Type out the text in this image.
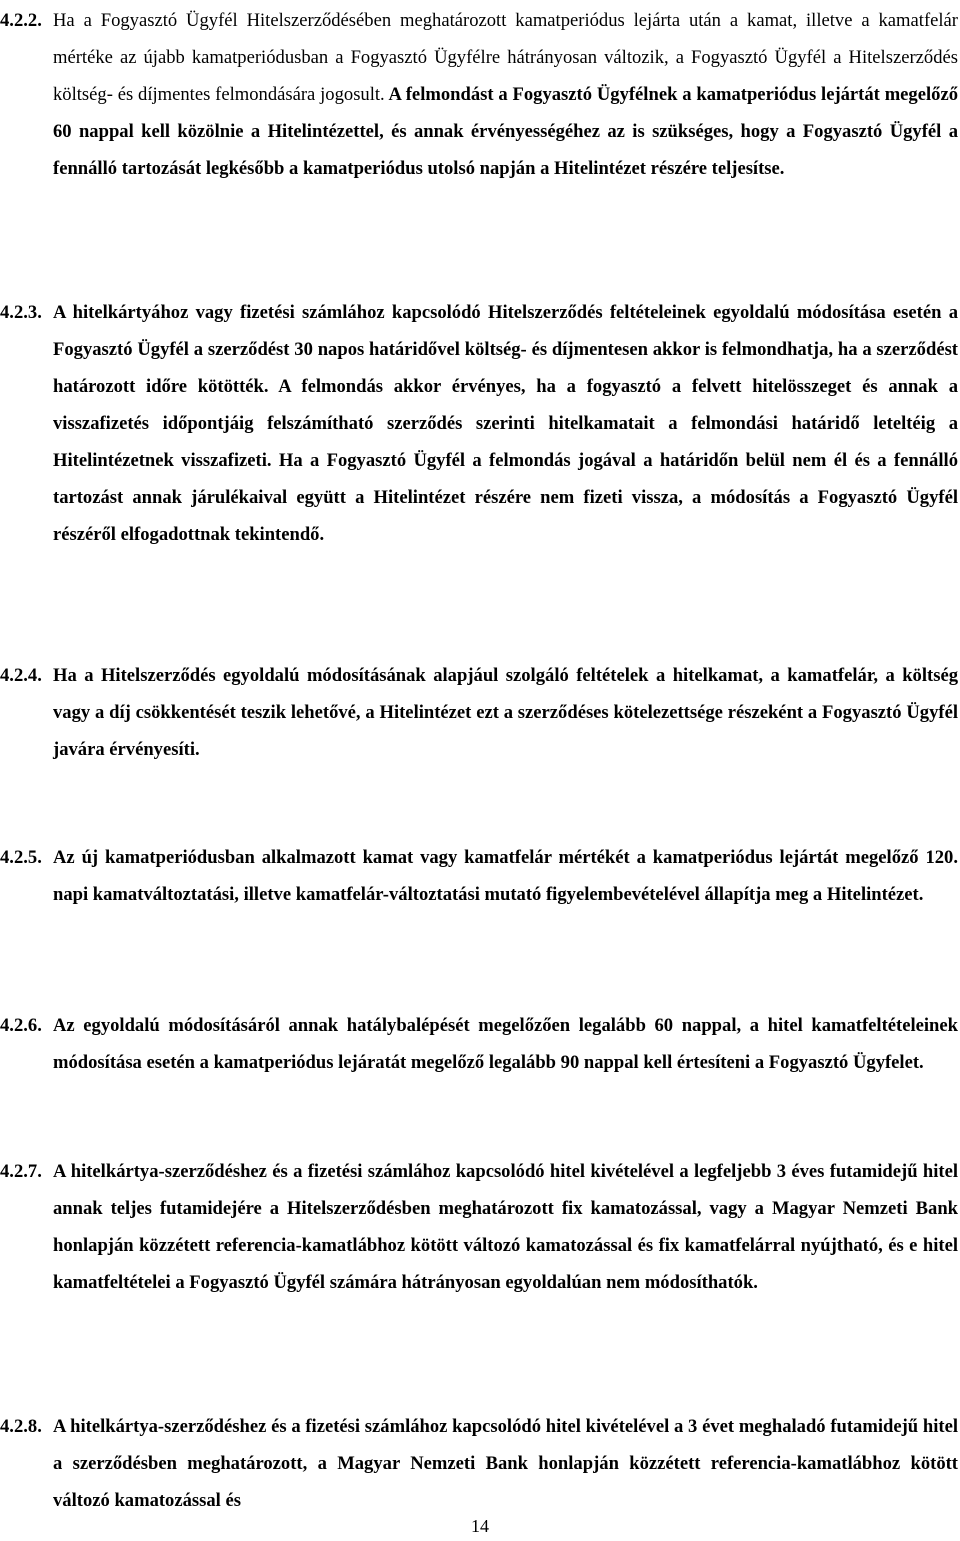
4.2.2. Ha a Fogyasztó Ügyfél Hitelszerződésében meghatározott kamatperiódus lejárta után a kamat, illetve a kamatfelár mértéke az újabb kamatperiódusban a Fogyasztó Ügyfélre hátrányosan változik, a Fogyasztó Ügyfél a Hitelszerződés költség- és díjmentes felmondására jogosult. A felmondást a Fogyasztó Ügyfélnek a kamatperiódus lejártát megelőző 60 nappal kell közölnie a Hitelintézettel, és annak érvényességéhez az is szükséges, hogy a Fogyasztó Ügyfél a fennálló tartozását legkésőbb a kamatperiódus utolsó napján a Hitelintézet részére teljesítse.
4.2.3. A hitelkártyához vagy fizetési számlához kapcsolódó Hitelszerződés feltételeinek egyoldalú módosítása esetén a Fogyasztó Ügyfél a szerződést 30 napos határidővel költség- és díjmentesen akkor is felmondhatja, ha a szerződést határozott időre kötötték. A felmondás akkor érvényes, ha a fogyasztó a felvett hitelösszeget és annak a visszafizetés időpontjáig felszámítható szerződés szerinti hitelkamatait a felmondási határidő leteltéig a Hitelintézetnek visszafizeti. Ha a Fogyasztó Ügyfél a felmondás jogával a határidőn belül nem él és a fennálló tartozást annak járulékaival együtt a Hitelintézet részére nem fizeti vissza, a módosítás a Fogyasztó Ügyfél részéről elfogadottnak tekintendő.
4.2.4. Ha a Hitelszerződés egyoldalú módosításának alapjául szolgáló feltételek a hitelkamat, a kamatfelár, a költség vagy a díj csökkentését teszik lehetővé, a Hitelintézet ezt a szerződéses kötelezettsége részeként a Fogyasztó Ügyfél javára érvényesíti.
4.2.5. Az új kamatperiódusban alkalmazott kamat vagy kamatfelár mértékét a kamatperiódus lejártát megelőző 120. napi kamatváltoztatási, illetve kamatfelár-változtatási mutató figyelembevételével állapítja meg a Hitelintézet.
4.2.6. Az egyoldalú módosításáról annak hatálybalépését megelőzően legalább 60 nappal, a hitel kamatfeltételeinek módosítása esetén a kamatperiódus lejáratát megelőző legalább 90 nappal kell értesíteni a Fogyasztó Ügyfelet.
4.2.7. A hitelkártya-szerződéshez és a fizetési számlához kapcsolódó hitel kivételével a legfeljebb 3 éves futamidejű hitel annak teljes futamidejére a Hitelszerződésben meghatározott fix kamatozással, vagy a Magyar Nemzeti Bank honlapján közzétett referencia-kamatlábhoz kötött változó kamatozással és fix kamatfelárral nyújtható, és e hitel kamatfeltételei a Fogyasztó Ügyfél számára hátrányosan egyoldalúan nem módosíthatók.
4.2.8. A hitelkártya-szerződéshez és a fizetési számlához kapcsolódó hitel kivételével a 3 évet meghaladó futamidejű hitel a szerződésben meghatározott, a Magyar Nemzeti Bank honlapján közzétett referencia-kamatlábhoz kötött változó kamatozással és
14
